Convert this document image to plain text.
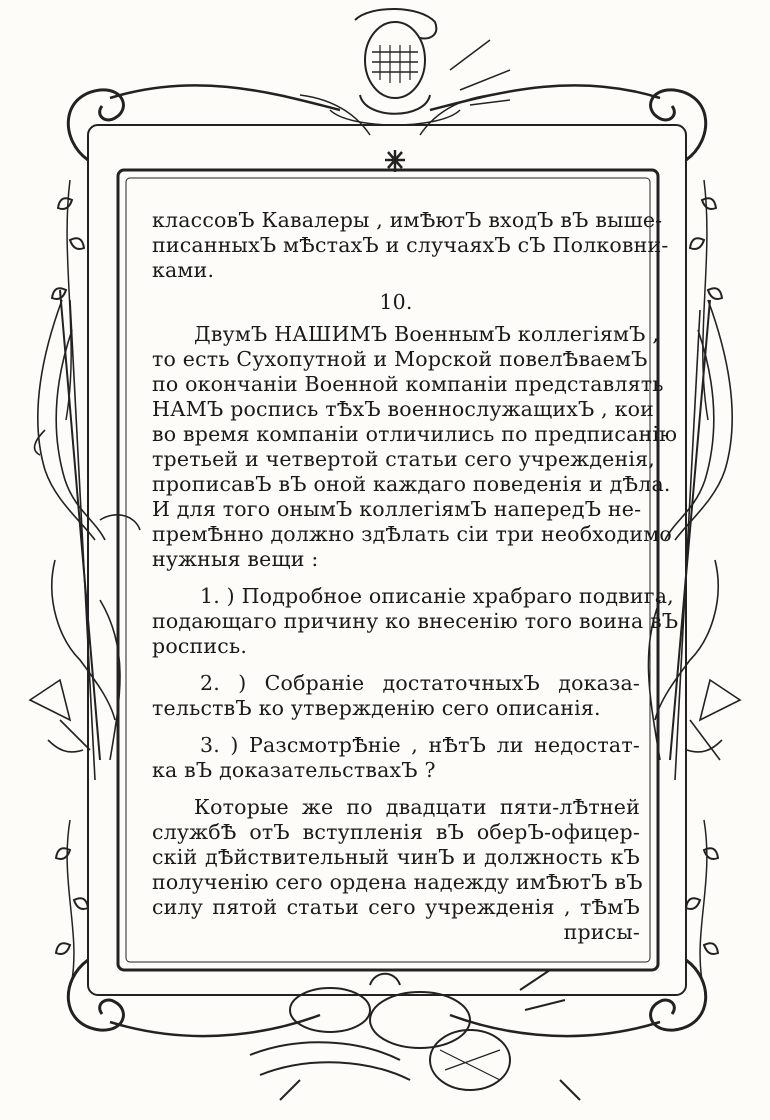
классовЪ Кавалеры , имѢютЪ входЪ вЪ выше-
писанныхЪ мѢстахЪ и случаяхЪ сЪ Полковни-
ками.
10.
ДвумЪ НАШИМЪ ВоеннымЪ коллегіямЪ ,
то есть Сухопутной и Морской повелѢваемЪ
по окончаніи Военной компаніи представлять
НАМЪ роспись тѢхЪ военнослужащихЪ , кои
во время компаніи отличились по предписанію
третьей и четвертой статьи сего учрежденія,
прописавЪ вЪ оной каждаго поведенія и дѢла.
И для того онымЪ коллегіямЪ напередЪ не-
премѢнно должно здѢлать сіи три необходимо
нужныя вещи :
1. ) Подробное описаніе храбраго подвига,
подающаго причину ко внесенію того воина вЪ
роспись.
2. ) Собраніе достаточныхЪ доказа-
тельствЪ ко утвержденію сего описанія.
3. ) РазсмотрѢніе , нѢтЪ ли недостат-
ка вЪ доказательствахЪ ?
Которые же по двадцати пяти-лѢтней
службѢ отЪ вступленія вЪ оберЪ-офицер-
скій дѢйствительный чинЪ и должность кЪ
полученію сего ордена надежду имѢютЪ вЪ
силу пятой статьи сего учрежденія , тѢмЪ
присы-
